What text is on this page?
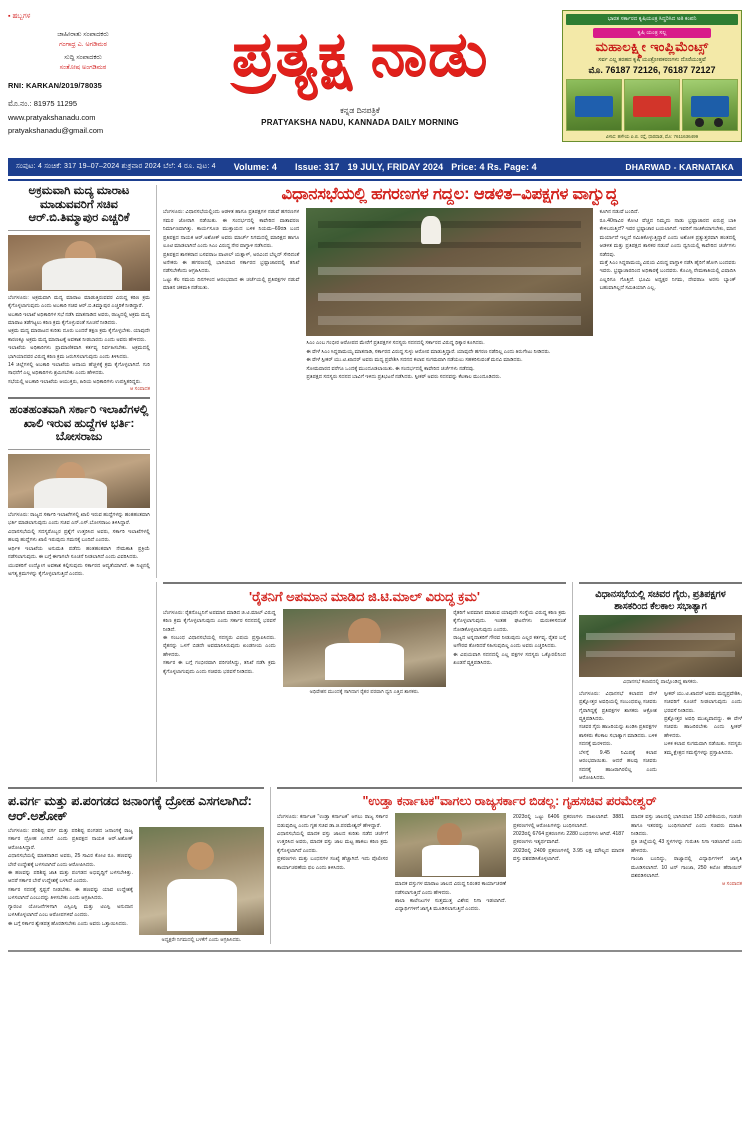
▪ ಹಬ್ಬಗಳ
ಜಾಹೀರಾತು ಸಂಪಾದಕರು
ಗಂಗಾಧ್ರ ಎ. ಅಗಡಿಮಠ
ಸುದ್ದಿ ಸಂಪಾದಕರು
ಸಂತೋಷ ಅಂಗಡಿಮಠ
RNI: KARKAN/2019/78035
ಮೊ.ನಂ.: 81975 11295
www.pratyakshanadu.com
pratyakshanadu@gmail.com
ಪ್ರತ್ಯಕ್ಷ ನಾಡು
ಕನ್ನಡ ದಿನಪತ್ರಿಕೆ
PRATYAKSHA NADU, KANNADA DAILY MORNING
ಭಾರತ ಸರ್ಕಾರದ ಕೃಷಿಯಂತ್ರ ಸಿದ್ಧರಿಸಿದ ಅತಿ ಕಂಪನಿ
ಕೃಷಿ ಯಂತ್ರ ಸಲ್ಲ
ಮಹಾಲಕ್ಷ್ಮೀ ಇಂಪ್ಲಿಮೆಂಟ್ಸ್
ಸರ್ವ ಎಲ್ಲ ತರಹದ ಕೃಷಿ ಯಂತ್ರೋಪಕರಣಗಳು ದೊರೆಯುತ್ತವೆ
ಮೊ. 76187 72126, 76187 72127
ವಿಳಾಸ: ಹಳೇಯ ಪಿ.ಬಿ. ರಸ್ತೆ, ಧಾರವಾಡ, ಮೊ: 7611636499
ಸಂಪುಟ: 4 ಸಂಚಿಕೆ: 317 19–07–2024 ಶುಕ್ರವಾರ 2024 ಬೆಲೆ: 4 ರೂ. ಪುಟ: 4 Volume: 4 Issue: 317 19 JULY, FRIDAY 2024 Price: 4 Rs. Page: 4	DHARWAD - KARNATAKA
ಅಕ್ರಮವಾಗಿ ಮದ್ಯ ಮಾರಾಟ ಮಾಡುವವರಿಗೆ ಸಚಿವ ಆರ್.ಬಿ.ತಿಮ್ಮಾಪುರ ಎಚ್ಚರಿಕೆ
ಬೆಂಗಳೂರು: ಅಕ್ರಮವಾಗಿ ಮದ್ಯ ಮಾರಾಟ ಮಾಡುತ್ತಿರುವವರ ವಿರುದ್ಧ ಕಠಿಣ ಕ್ರಮ ಕೈಗೊಳ್ಳಲಾಗುವುದು ಎಂದು ಅಬಕಾರಿ ಸಚಿವ ಆರ್.ಬಿ.ತಿಮ್ಮಾಪುರ ಎಚ್ಚರಿಕೆ ನೀಡಿದ್ದಾರೆ.
ಅಬಕಾರಿ ಇಲಾಖೆ ಅಧಿಕಾರಿಗಳ ಸಭೆ ನಡೆಸಿ ಮಾತನಾಡಿದ ಅವರು, ರಾಜ್ಯದಲ್ಲಿ ಅಕ್ರಮ ಮದ್ಯ ಮಾರಾಟ ತಡೆಗಟ್ಟಲು ಕಠಿಣ ಕ್ರಮ ಕೈಗೊಳ್ಳುವಂತೆ ಸೂಚನೆ ನೀಡಿದರು.
ಅಕ್ರಮ ಮದ್ಯ ಮಾರಾಟದ ಕುರಿತು ದೂರು ಬಂದರೆ ತಕ್ಷಣ ಕ್ರಮ ಕೈಗೊಳ್ಳಬೇಕು. ಯಾವುದೇ ಕಾರಣಕ್ಕೂ ಅಕ್ರಮ ಮದ್ಯ ಮಾರಾಟಕ್ಕೆ ಅವಕಾಶ ನೀಡಬಾರದು ಎಂದು ಅವರು ಹೇಳಿದರು.
ಇಲಾಖೆಯ ಅಧಿಕಾರಿಗಳು ಪ್ರಾಮಾಣಿಕವಾಗಿ ಕರ್ತವ್ಯ ನಿರ್ವಹಿಸಬೇಕು. ಅಕ್ರಮದಲ್ಲಿ ಭಾಗಿಯಾದವರ ವಿರುದ್ಧ ಕಠಿಣ ಕ್ರಮ ಜರುಗಿಸಲಾಗುವುದು ಎಂದು ತಿಳಿಸಿದರು.
14 ಜಿಲ್ಲೆಗಳಲ್ಲಿ ಅಬಕಾರಿ ಇಲಾಖೆಯ ಆದಾಯ ಹೆಚ್ಚಳಕ್ಕೆ ಕ್ರಮ ಕೈಗೊಳ್ಳಲಾಗಿದೆ. ಗುರಿ ಸಾಧನೆಗೆ ಎಲ್ಲ ಅಧಿಕಾರಿಗಳು ಶ್ರಮಿಸಬೇಕು ಎಂದು ಹೇಳಿದರು.
ಸಭೆಯಲ್ಲಿ ಅಬಕಾರಿ ಇಲಾಖೆಯ ಆಯುಕ್ತರು, ಹಿರಿಯ ಅಧಿಕಾರಿಗಳು ಉಪಸ್ಥಿತರಿದ್ದರು.
ಆ ಸಂಪಾದಕ
ಹಂತಹಂತವಾಗಿ ಸರ್ಕಾರಿ ಇಲಾಖೆಗಳಲ್ಲಿ ಖಾಲಿ ಇರುವ ಹುದ್ದೆಗಳ ಭರ್ತಿ: ಬೋಸರಾಜು
ಬೆಂಗಳೂರು: ರಾಜ್ಯದ ಸರ್ಕಾರಿ ಇಲಾಖೆಗಳಲ್ಲಿ ಖಾಲಿ ಇರುವ ಹುದ್ದೆಗಳನ್ನು ಹಂತಹಂತವಾಗಿ ಭರ್ತಿ ಮಾಡಲಾಗುವುದು ಎಂದು ಸಚಿವ ಎನ್.ಎಸ್.ಬೋಸರಾಜು ತಿಳಿಸಿದ್ದಾರೆ.
ವಿಧಾನಸಭೆಯಲ್ಲಿ ಸದಸ್ಯರೊಬ್ಬರ ಪ್ರಶ್ನೆಗೆ ಉತ್ತರಿಸಿದ ಅವರು, ಸರ್ಕಾರಿ ಇಲಾಖೆಗಳಲ್ಲಿ ಹಲವು ಹುದ್ದೆಗಳು ಖಾಲಿ ಇರುವುದು ಗಮನಕ್ಕೆ ಬಂದಿದೆ ಎಂದರು.
ಆರ್ಥಿಕ ಇಲಾಖೆಯ ಅನುಮತಿ ಪಡೆದು ಹಂತಹಂತವಾಗಿ ನೇಮಕಾತಿ ಪ್ರಕ್ರಿಯೆ ನಡೆಸಲಾಗುವುದು. ಈ ಬಗ್ಗೆ ಈಗಾಗಲೇ ಸೂಚನೆ ನೀಡಲಾಗಿದೆ ಎಂದು ವಿವರಿಸಿದರು.
ಯುವಕರಿಗೆ ಉದ್ಯೋಗ ಅವಕಾಶ ಕಲ್ಪಿಸುವುದು ಸರ್ಕಾರದ ಆದ್ಯತೆಯಾಗಿದೆ. ಈ ನಿಟ್ಟಿನಲ್ಲಿ ಅಗತ್ಯ ಕ್ರಮಗಳನ್ನು ಕೈಗೊಳ್ಳಲಾಗುತ್ತಿದೆ ಎಂದರು.
ವಿಧಾನಸಭೆಯಲ್ಲಿ ಹಗರಣಗಳ ಗದ್ದಲ: ಆಡಳಿತ–ವಿಪಕ್ಷಗಳ ವಾಗ್ವುದ್ಧ
ಬೆಂಗಳೂರು: ವಿಧಾನಸಭೆಯಲ್ಲಿಂದು ಆಡಳಿತ ಹಾಗೂ ಪ್ರತಿಪಕ್ಷಗಳ ನಡುವೆ ಹಗರಣಗಳ ಸಮರ ಜೋರಾಗಿ ನಡೆಯಿತು. ಈ ಸಂದರ್ಭದಲ್ಲಿ ಕಾವೇರಿದ ವಾತಾವರಣ ನಿರ್ಮಾಣವಾಗಿತ್ತು. ಕಾರ್ಯಸೂಚಿ ಮುಕ್ತಾಯದ ಬಳಿಕ ನಿಯಮ–69ರಡಿ ಬಂದ ಪ್ರತಿಪಕ್ಷದ ನಾಯಕ ಆರ್.ಅಶೋಕ್ ಅವರು ಮಾರ್ಚ್ ನಿಗಮದಲ್ಲಿ ಮಾರಿಕ್ಷದ ಹಾಗೂ ಲೂಟಿ ಮಾಡಲಾಗಿದೆ ಎಂದು ಸಿಎಂ ವಿರುದ್ಧ ನೇರ ವಾಗ್ದಾಳಿ ನಡೆಸಿದರು.
ಪ್ರತಿಪಕ್ಷದ ಶಾಸಕರಾದ ಬಸವರಾಜ ಪಾಟೀಲ್ ಯತ್ನಾಳ್, ಅರವಿಂದ ಬೆಲ್ಲದ್ ಸೇರಿದಂತೆ ಅನೇಕರು ಈ ಹಗರಣದಲ್ಲಿ ಭಾಗಿಯಾದ ಸರ್ಕಾರದ ಭ್ರಷ್ಟಾಚಾರದಲ್ಲಿ ತನಿಖೆ ನಡೆಸಬೇಕೆಂದು ಆಗ್ರಹಿಸಿದರು.
ಒಟ್ಟು ಕೆಲ ಸಮಯ ದಿನಗಳಿಂದ ಆರಂಭವಾದ ಈ ಚರ್ಚೆಯಲ್ಲಿ ಪ್ರತಿಪಕ್ಷಗಳ ನಡುವೆ ಮಾತಿನ ಚಕಮಕಿ ನಡೆಯಿತು.
ಸಿಎಂ ಎಂಬ ಗಂಭೀರ ಆರೋಪದ ಮೇರೆಗೆ ಪ್ರತಿಪಕ್ಷಗಳ ಸದಸ್ಯರು ಸದನದಲ್ಲಿ ಸರ್ಕಾರದ ವಿರುದ್ಧ ಧಿಕ್ಕಾರ ಕೂಗಿದರು.
ಈ ವೇಳೆ ಸಿಎಂ ಸಿದ್ದರಾಮಯ್ಯ ಮಾತನಾಡಿ, ಸರ್ಕಾರದ ವಿರುದ್ಧ ಸುಳ್ಳು ಆರೋಪ ಮಾಡುತ್ತಿದ್ದಾರೆ. ಯಾವುದೇ ಹಗರಣ ನಡೆದಿಲ್ಲ ಎಂದು ತಿರುಗೇಟು ನೀಡಿದರು.
ಈ ವೇಳೆ ಸ್ಪೀಕರ್ ಯು.ಟಿ.ಖಾದರ್ ಅವರು ಮಧ್ಯ ಪ್ರವೇಶಿಸಿ ಸದನದ ಕಲಾಪ ಸುಗಮವಾಗಿ ನಡೆಯಲು ಸಹಕರಿಸುವಂತೆ ಮನವಿ ಮಾಡಿದರು.
ಸೋಮವಾರದ ವರೆಗೂ ಒಂದಕ್ಕೆ ಮುಂದೂಡಲಾಯಿತು. ಈ ಸಂದರ್ಭದಲ್ಲಿ ಕಾವೇರಿದ ಚರ್ಚೆಗಳು ನಡೆದವು.
ಪ್ರತಿಪಕ್ಷದ ಸದಸ್ಯರು ಸದನದ ಬಾವಿಗೆ ಇಳಿದು ಪ್ರತಿಭಟನೆ ನಡೆಸಿದರು. ಸ್ಪೀಕರ್ ಅವರು ಸದನವನ್ನು ಕೆಲಕಾಲ ಮುಂದೂಡಿದರು.
ಕೂಗಿನ ನಡುವೆ ಬಂದಿದೆ.
ರೂ.40ಸಾವಿರ ಕೋಟಿ ವೆಚ್ಚದ ನಿಮ್ಮದು ನಾಡು ಭ್ರಷ್ಟಾಚಾರದ ಏರುಪ್ರ ಬಾಕಿ ಕೇಳಿಬರುತ್ತಿದೆ? ಇವರ ಭ್ರಷ್ಟಾಚಾರ ಬಯಲಾಗಿದೆ. ಇವರಿಗೆ ನಾಚಿಕೆಯಾಗಬೇಕು, ಮಾನ ಮರ್ಯಾದೆ ಇಲ್ಲದೆ ಸಮಿತಿಕೊಳ್ಳುತ್ತಿದ್ದಾರೆ ಎಂದು ಅಶೋಕ ಪ್ರತ್ಯುತ್ತರವಾಗಿ ಹಂತದಲ್ಲಿ ಆಡಳಿತ ಮತ್ತು ಪ್ರತಿಪಕ್ಷದ ಶಾಸಕರ ನಡುವೆ ಎಂದು ಧ್ವನಿಯಲ್ಲಿ ಕಾವೇರಿದ ಚರ್ಚೆಗಳು ನಡೆದವು.
ಮತ್ತೆ ಸಿಎಂ ಸಿದ್ದರಾಮಯ್ಯ ವಿಷಯ ವಿರುದ್ಧ ವಾಗ್ದಾಳಿ ನಡೆಸಿ ಹೈರಿಗೆ ಹೋಗಿ ಬಂದವರು ಇವರು. ಭ್ರಷ್ಟಾಚಾರದಿಂದ ಅಧಿಕಾರಕ್ಕೆ ಬಂದವರು. ಕೊಎಸ್ಸಿ ನೇಮಕಾತಿಯಲ್ಲಿ ವಿಷಾದಿಸಿ ಎಲ್ಲರಿಗೂ ಗೊತ್ತಿದೆ. ಭೂಮಿ ಅಧ್ಯಕ್ಷರ ನಿಗಮ, ದೇವರಾಜ ಅರಸು ಬ್ಯಾಂಕ್ ಬಹುವಾಗಿಲ್ಲದೆ ಸಮಿತಿಯಾಗಿ ಎಲ್ಲ.
'ರೈತನಿಗೆ ಅಪಮಾನ ಮಾಡಿದ ಜಿ.ಟಿ.ಮಾಲ್ ವಿರುದ್ಧ ಕ್ರಮ'
ಬೆಂಗಳೂರು: ರೈತನೊಬ್ಬನಿಗೆ ಅಪಮಾನ ಮಾಡಿದ ಜಿ.ಟಿ.ಮಾಲ್ ವಿರುದ್ಧ ಕಠಿಣ ಕ್ರಮ ಕೈಗೊಳ್ಳಲಾಗುವುದು ಎಂದು ಸರ್ಕಾರ ಸದನದಲ್ಲಿ ಭರವಸೆ ನೀಡಿದೆ.
ಈ ಸಂಬಂಧ ವಿಧಾನಸಭೆಯಲ್ಲಿ ಸದಸ್ಯರು ವಿಷಯ ಪ್ರಸ್ತಾಪಿಸಿದರು. ರೈತನನ್ನು ಒಳಗೆ ಬಿಡದೇ ಅವಮಾನಿಸಿರುವುದು ಖಂಡನೀಯ ಎಂದು ಹೇಳಿದರು.
ಸರ್ಕಾರ ಈ ಬಗ್ಗೆ ಗಂಭೀರವಾಗಿ ಪರಿಗಣಿಸಿದ್ದು, ತನಿಖೆ ನಡೆಸಿ ಕ್ರಮ ಕೈಗೊಳ್ಳಲಾಗುವುದು ಎಂದು ಸಚಿವರು ಭರವಸೆ ನೀಡಿದರು.
ಅಧಿವೇಶನ ಮುಂದಕ್ಕೆ ಸಾಗಿದಾಗ ರೈತರ ಪರವಾಗಿ ಧ್ವನಿ ಎತ್ತಿದ ಶಾಸಕರು.
ರೈತರಿಗೆ ಅಪಮಾನ ಮಾಡುವ ಯಾವುದೇ ಸಂಸ್ಥೆಯ ವಿರುದ್ಧ ಕಠಿಣ ಕ್ರಮ ಕೈಗೊಳ್ಳಲಾಗುವುದು. ಇಂತಹ ಘಟನೆಗಳು ಮರುಕಳಿಸದಂತೆ ನೋಡಿಕೊಳ್ಳಲಾಗುವುದು ಎಂದರು.
ರಾಜ್ಯದ ಅನ್ನದಾತರಿಗೆ ಗೌರವ ನೀಡುವುದು ಎಲ್ಲರ ಕರ್ತವ್ಯ. ರೈತರ ಬಗ್ಗೆ ಅಗೌರವ ತೋರಿದರೆ ಸಹಿಸುವುದಿಲ್ಲ ಎಂದು ಅವರು ಎಚ್ಚರಿಸಿದರು.
ಈ ವಿಷಯವಾಗಿ ಸದನದಲ್ಲಿ ಎಲ್ಲ ಪಕ್ಷಗಳ ಸದಸ್ಯರು ಒಕ್ಕೊರಲಿನಿಂದ ಖಂಡನೆ ವ್ಯಕ್ತಪಡಿಸಿದರು.
ವಿಧಾನಸಭೆಯಲ್ಲಿ ಸಚಿವರ ಗೈರು, ಪ್ರತಿಪಕ್ಷಗಳ ಶಾಸಕರಿಂದ ಕೆಲಕಾಲ ಸಭಾತ್ಯಾಗ
ವಿಧಾನಸಭೆ ಕಲಾಪದಲ್ಲಿ ಪಾಲ್ಗೊಂಡಿದ್ದ ಶಾಸಕರು.
ಬೆಂಗಳೂರು: ವಿಧಾನಸಭೆ ಕಲಾಪದ ವೇಳೆ ಪ್ರಶ್ನೋತ್ತರ ಅವಧಿಯಲ್ಲಿ ಸಂಬಂಧಪಟ್ಟ ಸಚಿವರು ಗೈರಾಗಿದ್ದಕ್ಕೆ ಪ್ರತಿಪಕ್ಷಗಳ ಶಾಸಕರು ಆಕ್ರೋಶ ವ್ಯಕ್ತಪಡಿಸಿದರು.
ಸಚಿವರ ಗೈರು ಹಾಜರಿಯನ್ನು ಖಂಡಿಸಿ ಪ್ರತಿಪಕ್ಷಗಳ ಶಾಸಕರು ಕೆಲಕಾಲ ಸಭಾತ್ಯಾಗ ಮಾಡಿದರು. ಬಳಿಕ ಸದನಕ್ಕೆ ಮರಳಿದರು.
ಬೆಳಗ್ಗೆ 9.45 ನಿಮಿಷಕ್ಕೆ ಕಲಾಪ ಆರಂಭವಾಯಿತು. ಆದರೆ ಹಲವು ಸಚಿವರು ಸದನಕ್ಕೆ ಹಾಜರಾಗಿರಲಿಲ್ಲ ಎಂದು ಆರೋಪಿಸಿದರು.
ಸ್ಪೀಕರ್ ಯು.ಟಿ.ಖಾದರ್ ಅವರು ಮಧ್ಯಪ್ರವೇಶಿಸಿ, ಸಚಿವರಿಗೆ ಸೂಚನೆ ನೀಡಲಾಗುವುದು ಎಂದು ಭರವಸೆ ನೀಡಿದರು.
ಪ್ರಶ್ನೋತ್ತರ ಅವಧಿ ಮುಖ್ಯವಾದದ್ದು. ಈ ವೇಳೆ ಸಚಿವರು ಹಾಜರಿರಬೇಕು ಎಂದು ಸ್ಪೀಕರ್ ಹೇಳಿದರು.
ಬಳಿಕ ಕಲಾಪ ಸುಗಮವಾಗಿ ನಡೆಯಿತು. ಸದಸ್ಯರು ತಮ್ಮ ಕ್ಷೇತ್ರದ ಸಮಸ್ಯೆಗಳನ್ನು ಪ್ರಸ್ತಾಪಿಸಿದರು.
ಪ.ವರ್ಗ ಮತ್ತು ಪ.ಪಂಗಡದ ಜನಾಂಗಕ್ಕೆ ದ್ರೋಹ ಎಸಗಲಾಗಿದೆ: ಆರ್.ಅಶೋಕ್
ಬೆಂಗಳೂರು: ಪರಿಶಿಷ್ಟ ವರ್ಗ ಮತ್ತು ಪರಿಶಿಷ್ಟ ಪಂಗಡದ ಜನಾಂಗಕ್ಕೆ ರಾಜ್ಯ ಸರ್ಕಾರ ದ್ರೋಹ ಎಸಗಿದೆ ಎಂದು ಪ್ರತಿಪಕ್ಷದ ನಾಯಕ ಆರ್.ಅಶೋಕ್ ಆರೋಪಿಸಿದ್ದಾರೆ.
ವಿಧಾನಸಭೆಯಲ್ಲಿ ಮಾತನಾಡಿದ ಅವರು, 25 ಸಾವಿರ ಕೋಟಿ ರೂ. ಹಣವನ್ನು ಬೇರೆ ಉದ್ದೇಶಕ್ಕೆ ಬಳಸಲಾಗಿದೆ ಎಂದು ಆರೋಪಿಸಿದರು.
ಈ ಹಣವನ್ನು ಪರಿಶಿಷ್ಟ ಜಾತಿ ಮತ್ತು ಪಂಗಡದ ಅಭಿವೃದ್ಧಿಗೆ ಬಳಸಬೇಕಿತ್ತು. ಆದರೆ ಸರ್ಕಾರ ಬೇರೆ ಉದ್ದೇಶಕ್ಕೆ ಬಳಸಿದೆ ಎಂದರು.
ಸರ್ಕಾರ ಸದನಕ್ಕೆ ಸ್ಪಷ್ಟನೆ ನೀಡಬೇಕು. ಈ ಹಣವನ್ನು ಯಾವ ಉದ್ದೇಶಕ್ಕೆ ಬಳಸಲಾಗಿದೆ ಎಂಬುದನ್ನು ತಿಳಿಸಬೇಕು ಎಂದು ಆಗ್ರಹಿಸಿದರು.
ಗ್ಯಾರಂಟಿ ಯೋಜನೆಗಳಿಗಾಗಿ ಎಸ್ಸಿಎಸ್ಪಿ ಮತ್ತು ಟಿಎಸ್ಪಿ ಅನುದಾನ ಬಳಸಿಕೊಳ್ಳಲಾಗಿದೆ ಎಂಬ ಆರೋಪಗಳಿವೆ ಎಂದರು.
ಈ ಬಗ್ಗೆ ಸರ್ಕಾರ ಶ್ವೇತಪತ್ರ ಹೊರಡಿಸಬೇಕು ಎಂದು ಅವರು ಒತ್ತಾಯಿಸಿದರು.
ಅಧ್ಯಕ್ಷರೇ ನಿಗಮದಲ್ಲಿ ಬಳಕೆಗೆ ಎಂದು ಆಗ್ರಹಿಸಿದರು.
"ಉಡ್ತಾ ಕರ್ನಾಟಕ"ವಾಗಲು ರಾಜ್ಯಸರ್ಕಾರ ಬಿಡಲ್ಲ: ಗೃಹಸಚಿವ ಪರಮೇಶ್ವರ್
ಬೆಂಗಳೂರು: ಕರ್ನಾಟಕ "ಉಡ್ತಾ ಕರ್ನಾಟಕ" ಆಗಲು ರಾಜ್ಯ ಸರ್ಕಾರ ಬಿಡುವುದಿಲ್ಲ ಎಂದು ಗೃಹ ಸಚಿವ ಡಾ.ಜಿ.ಪರಮೇಶ್ವರ್ ಹೇಳಿದ್ದಾರೆ.
ವಿಧಾನಸಭೆಯಲ್ಲಿ ಮಾದಕ ವಸ್ತು ಜಾಲದ ಕುರಿತು ನಡೆದ ಚರ್ಚೆಗೆ ಉತ್ತರಿಸಿದ ಅವರು, ಮಾದಕ ವಸ್ತು ಜಾಲ ಮಟ್ಟ ಹಾಕಲು ಕಠಿಣ ಕ್ರಮ ಕೈಗೊಳ್ಳಲಾಗಿದೆ ಎಂದರು.
ಪ್ರಕರಣಗಳು ಮತ್ತು ಬಂಧನಗಳ ಸಂಖ್ಯೆ ಹೆಚ್ಚಾಗಿದೆ. ಇದು ಪೊಲೀಸರ ಕಾರ್ಯಾಚರಣೆಯ ಫಲ ಎಂದು ತಿಳಿಸಿದರು.
ಮಾದಕ ವಸ್ತುಗಳ ಮಾರಾಟ ಜಾಲದ ವಿರುದ್ಧ ನಿರಂತರ ಕಾರ್ಯಾಚರಣೆ ನಡೆಸಲಾಗುತ್ತಿದೆ ಎಂದು ಹೇಳಿದರು.
ಶಾಲಾ ಕಾಲೇಜುಗಳ ಸುತ್ತಮುತ್ತ ವಿಶೇಷ ನಿಗಾ ಇಡಲಾಗಿದೆ. ವಿದ್ಯಾರ್ಥಿಗಳಿಗೆ ಜಾಗೃತಿ ಮೂಡಿಸಲಾಗುತ್ತಿದೆ ಎಂದರು.
2023ರಲ್ಲಿ ಒಟ್ಟು 6406 ಪ್ರಕರಣಗಳು ದಾಖಲಾಗಿವೆ. 3881 ಪ್ರಕರಣಗಳಲ್ಲಿ ಆರೋಪಿಗಳನ್ನು ಬಂಧಿಸಲಾಗಿದೆ.
2023ರಲ್ಲಿ 6764 ಪ್ರಕರಣಗಳು 2280 ಬಂಧನಗಳು ಆಗಿವೆ. 4187 ಪ್ರಕರಣಗಳು ಇತ್ಯರ್ಥವಾಗಿವೆ.
2023ರಲ್ಲಿ 2409 ಪ್ರಕರಣಗಳಲ್ಲಿ 3.95 ಲಕ್ಷ ಮೌಲ್ಯದ ಮಾದಕ ವಸ್ತು ವಶಪಡಿಸಿಕೊಳ್ಳಲಾಗಿದೆ.
ಮಾದಕ ವಸ್ತು ಜಾಲದಲ್ಲಿ ಭಾಗಿಯಾದ 150 ವಿದೇಶಿಯರು, ಗುಡಚೇ ಹಾಗೂ ಇತರರನ್ನು ಬಂಧಿಸಲಾಗಿದೆ ಎಂದು ಸಚಿವರು ಮಾಹಿತಿ ನೀಡಿದರು.
ಪ್ರತಿ ಜಿಲ್ಲೆಯಲ್ಲಿ 43 ಸ್ಥಳಗಳನ್ನು ಗುರುತಿಸಿ ನಿಗಾ ಇಡಲಾಗಿದೆ ಎಂದು ಹೇಳಿದರು.
ಗಾಂಜಾ ಬಂದಿದ್ದು, ರಾಜ್ಯಾದಲ್ಲಿ ವಿದ್ಯಾರ್ಥಿಗಳಿಗೆ ಜಾಗೃತಿ ಮೂಡಿಸಲಾಗಿದೆ. 10 ಟನ್ ಗಾಂಜಾ, 250 ಕಿಲೋ ಹೆರಾಯಿನ್ ವಶಪಡಿಸಲಾಗಿದೆ.
ಆ ಸಂಪಾದಕ
